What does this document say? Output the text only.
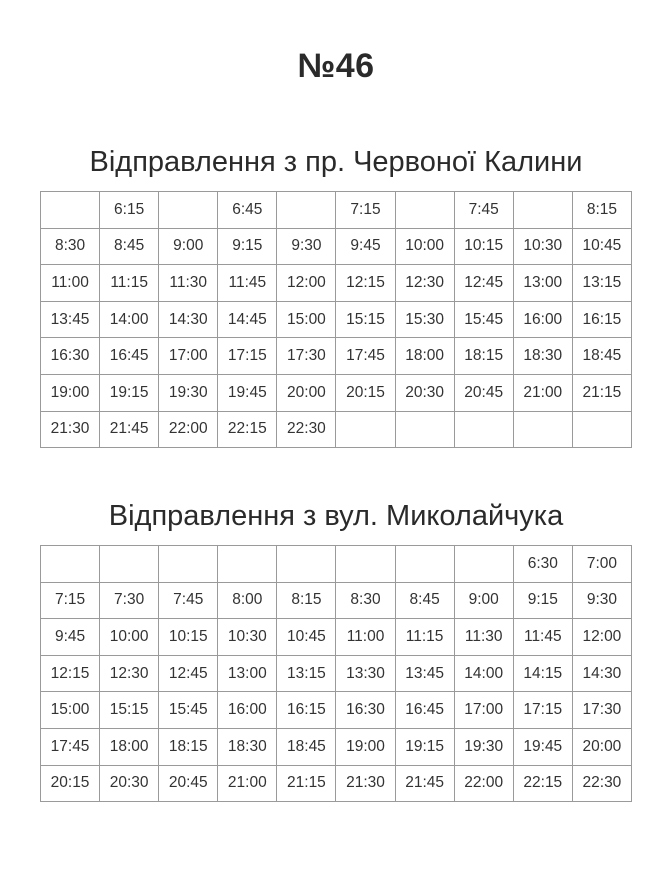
№46
Відправлення з пр. Червоної Калини
	6:15		6:45		7:15		7:45		8:15
8:30	8:45	9:00	9:15	9:30	9:45	10:00	10:15	10:30	10:45
11:00	11:15	11:30	11:45	12:00	12:15	12:30	12:45	13:00	13:15
13:45	14:00	14:30	14:45	15:00	15:15	15:30	15:45	16:00	16:15
16:30	16:45	17:00	17:15	17:30	17:45	18:00	18:15	18:30	18:45
19:00	19:15	19:30	19:45	20:00	20:15	20:30	20:45	21:00	21:15
21:30	21:45	22:00	22:15	22:30					
Відправлення з вул. Миколайчука
								6:30	7:00
7:15	7:30	7:45	8:00	8:15	8:30	8:45	9:00	9:15	9:30
9:45	10:00	10:15	10:30	10:45	11:00	11:15	11:30	11:45	12:00
12:15	12:30	12:45	13:00	13:15	13:30	13:45	14:00	14:15	14:30
15:00	15:15	15:45	16:00	16:15	16:30	16:45	17:00	17:15	17:30
17:45	18:00	18:15	18:30	18:45	19:00	19:15	19:30	19:45	20:00
20:15	20:30	20:45	21:00	21:15	21:30	21:45	22:00	22:15	22:30
